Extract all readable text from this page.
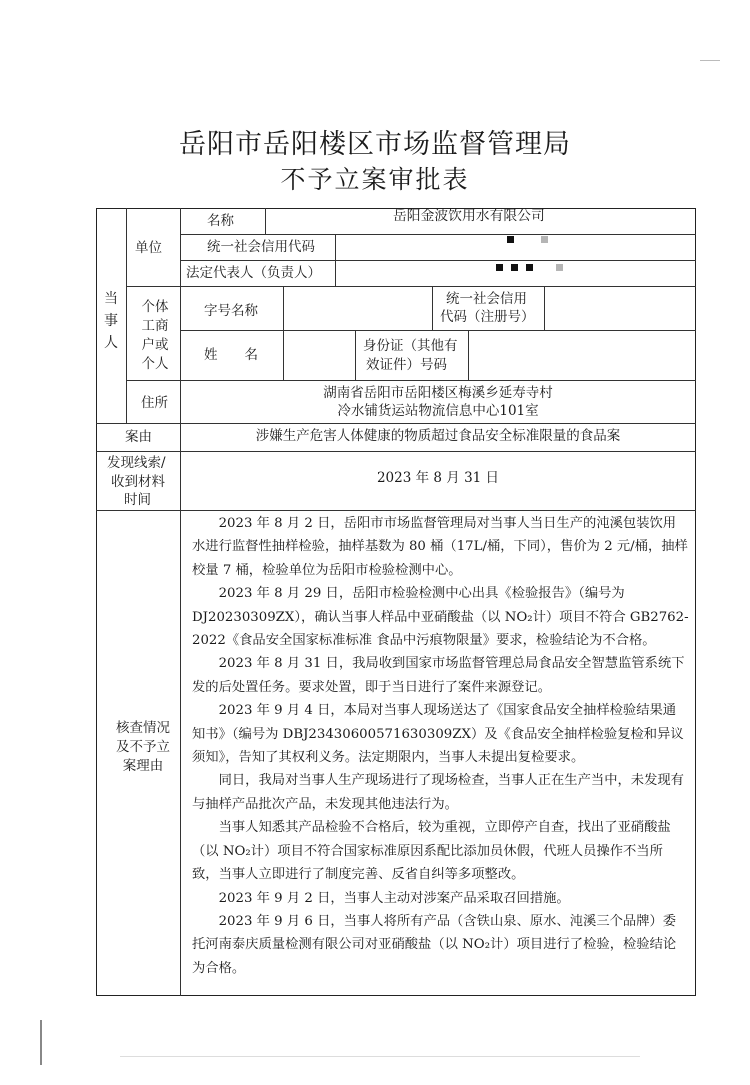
岳阳市岳阳楼区市场监督管理局
不予立案审批表
当事人
单位
名称	岳阳金波饮用水有限公司
统一社会信用代码
法定代表人（负责人）
个体工商户或个人
字号名称
统一社会信用
代码（注册号）
姓　　名
身份证（其他有
效证件）号码
住所
湖南省岳阳市岳阳楼区梅溪乡延寿寺村
冷水铺货运站物流信息中心101室
案由	涉嫌生产危害人体健康的物质超过食品安全标准限量的食品案
发现线索/
收到材料
时间
2023 年 8 月 31 日
核查情况及不予立案理由

2023 年 8 月 2 日，岳阳市市场监督管理局对当事人当日生产的沌溪包装饮用水进行监督性抽样检验，抽样基数为 80 桶（17L/桶，下同），售价为 2 元/桶，抽样校量 7 桶，检验单位为岳阳市检验检测中心。

2023 年 8 月 29 日，岳阳市检验检测中心出具《检验报告》（编号为 DJ20230309ZX），确认当事人样品中亚硝酸盐（以 NO₂计）项目不符合 GB2762-2022《食品安全国家标准标准 食品中污痕物限量》要求，检验结论为不合格。

2023 年 8 月 31 日，我局收到国家市场监督管理总局食品安全智慧监管系统下发的后处置任务。要求处置，即于当日进行了案件来源登记。

2023 年 9 月 4 日，本局对当事人现场送达了《国家食品安全抽样检验结果通知书》（编号为 DBJ23430600571630309ZX）及《食品安全抽样检验复检和异议须知》，告知了其权利义务。法定期限内，当事人未提出复检要求。

同日，我局对当事人生产现场进行了现场检查，当事人正在生产当中，未发现有与抽样产品批次产品，未发现其他违法行为。

当事人知悉其产品检验不合格后，较为重视，立即停产自查，找出了亚硝酸盐（以 NO₂计）项目不符合国家标准原因系配比添加员休假，代班人员操作不当所致，当事人立即进行了制度完善、反省自纠等多项整改。

2023 年 9 月 2 日，当事人主动对涉案产品采取召回措施。

2023 年 9 月 6 日，当事人将所有产品（含铁山泉、原水、沌溪三个品牌）委托河南泰庆质量检测有限公司对亚硝酸盐（以 NO₂计）项目进行了检验，检验结论为合格。
